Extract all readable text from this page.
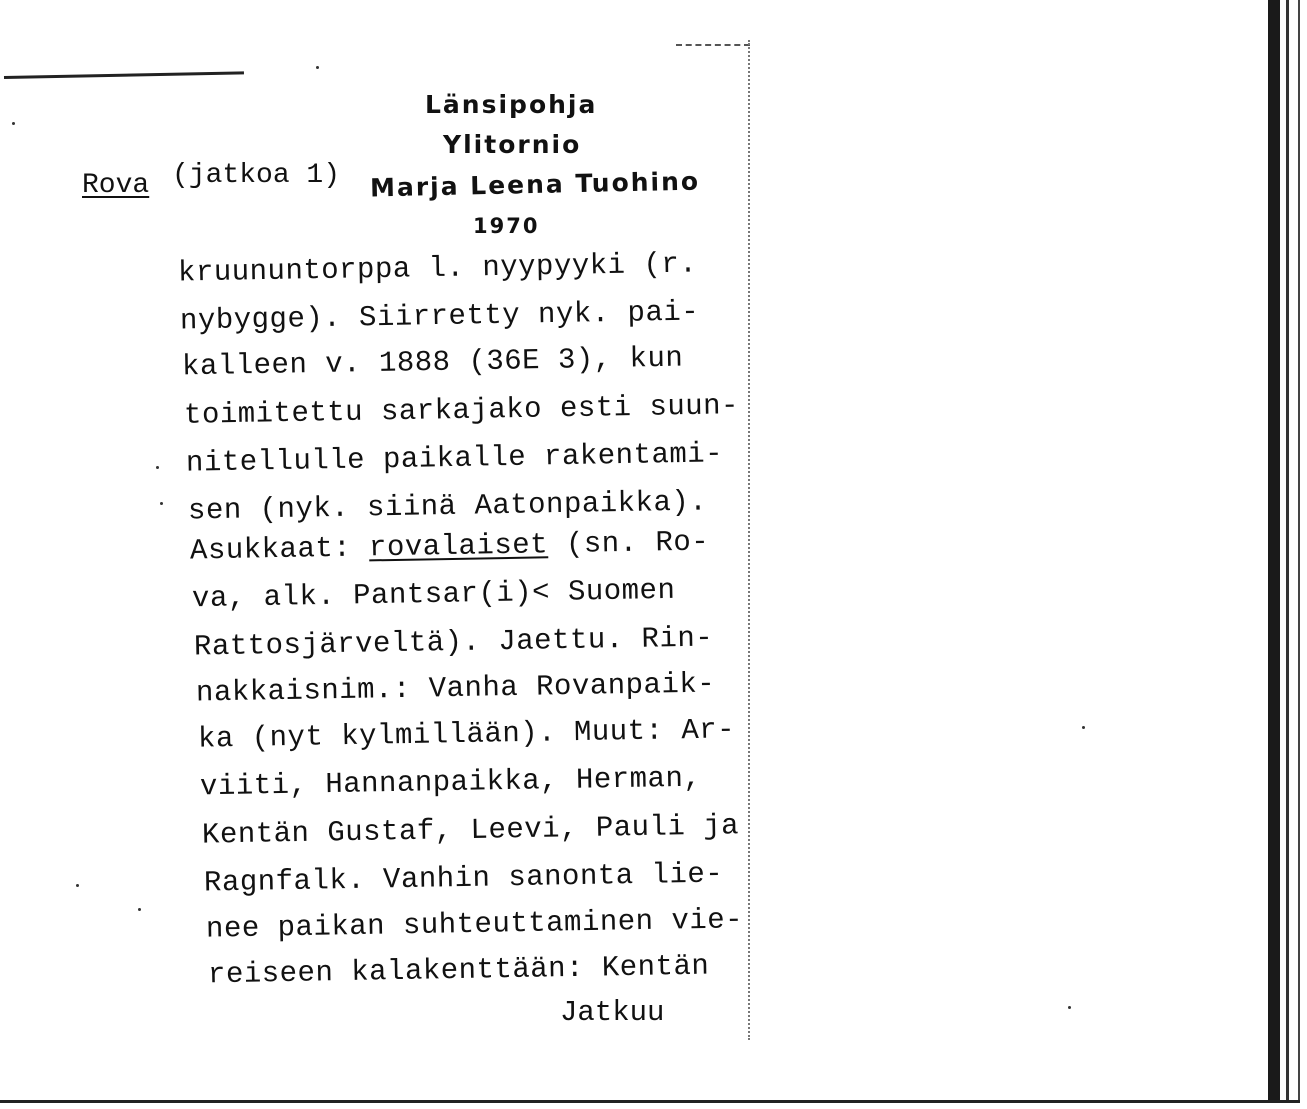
Länsipohja
Ylitornio
Marja Leena Tuohino
1970
Rova (jatkoa 1)
kruununtorppa l. nyypyyki (r.
nybygge). Siirretty nyk. pai-
kalleen v. 1888 (36E 3), kun
toimitettu sarkajako esti suun-
nitellulle paikalle rakentami-
sen (nyk. siinä Aatonpaikka).
Asukkaat: rovalaiset (sn. Ro-
va, alk. Pantsar(i)< Suomen
Rattosjärveltä). Jaettu. Rin-
nakkaisnim.: Vanha Rovanpaik-
ka (nyt kylmillään). Muut: Ar-
viiti, Hannanpaikka, Herman,
Kentän Gustaf, Leevi, Pauli ja
Ragnfalk. Vanhin sanonta lie-
nee paikan suhteuttaminen vie-
reiseen kalakenttään: Kentän
Jatkuu
